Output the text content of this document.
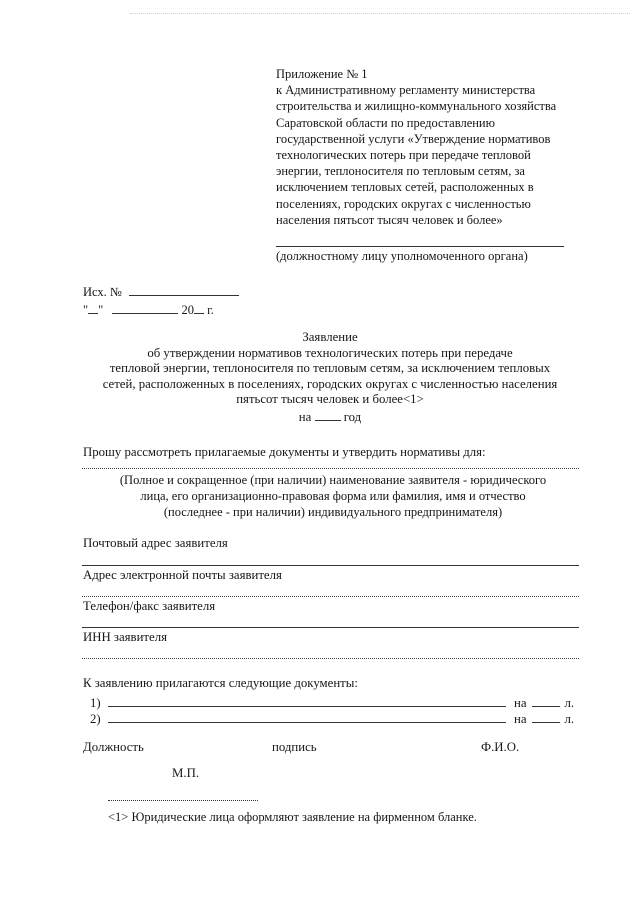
Приложение № 1
к Административному регламенту министерства
строительства и жилищно-коммунального хозяйства
Саратовской области по предоставлению
государственной услуги «Утверждение нормативов
технологических потерь при передаче тепловой
энергии, теплоносителя по тепловым сетям, за
исключением тепловых сетей, расположенных в
поселениях, городских округах с численностью
населения пятьсот тысяч человек и более»
(должностному лицу уполномоченного органа)
Исх. №
" "	20 г.
Заявление
об утверждении нормативов технологических потерь при передаче
тепловой энергии, теплоносителя по тепловым сетям, за исключением тепловых
сетей, расположенных в поселениях, городских округах с численностью населения
пятьсот тысяч человек и более<1>
на	год
Прошу рассмотреть прилагаемые документы и утвердить нормативы для:
(Полное и сокращенное (при наличии) наименование заявителя - юридического
лица, его организационно-правовая форма или фамилия, имя и отчество
(последнее - при наличии) индивидуального предпринимателя)
Почтовый адрес заявителя
Адрес электронной почты заявителя
Телефон/факс заявителя
ИНН заявителя
К заявлению прилагаются следующие документы:
1)	на	л.
2)	на	л.
Должность	подпись	Ф.И.О.
М.П.
<1> Юридические лица оформляют заявление на фирменном бланке.
